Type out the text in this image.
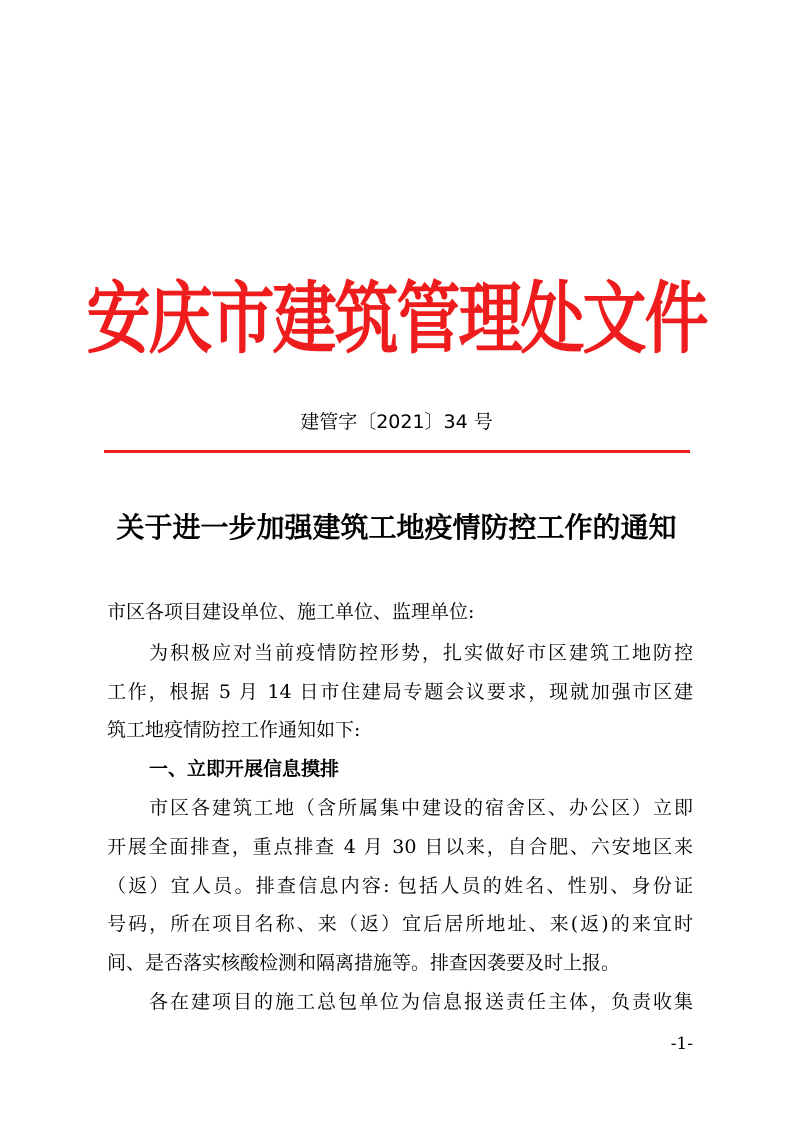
安庆市建筑管理处文件
建管字〔2021〕34 号
关于进一步加强建筑工地疫情防控工作的通知
市区各项目建设单位、施工单位、监理单位:
为积极应对当前疫情防控形势，扎实做好市区建筑工地防控
工作，根据 5 月 14 日市住建局专题会议要求，现就加强市区建
筑工地疫情防控工作通知如下:
一、立即开展信息摸排
市区各建筑工地（含所属集中建设的宿舍区、办公区）立即
开展全面排查，重点排查 4 月 30 日以来，自合肥、六安地区来
（返）宜人员。排查信息内容: 包括人员的姓名、性别、身份证
号码，所在项目名称、来（返）宜后居所地址、来(返)的来宜时
间、是否落实核酸检测和隔离措施等。排查因袭要及时上报。
各在建项目的施工总包单位为信息报送责任主体，负责收集
-1-
